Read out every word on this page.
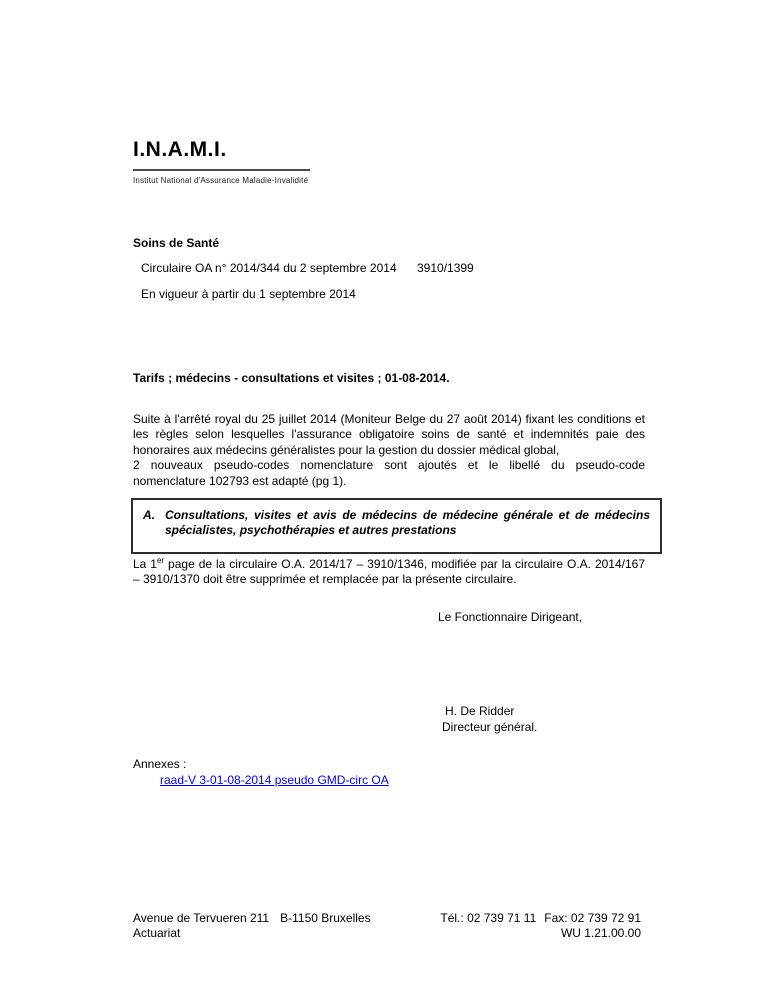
I.N.A.M.I.
Institut National d'Assurance Maladie-Invalidité
Soins de Santé
Circulaire OA n° 2014/344 du 2 septembre 2014 3910/1399
En vigueur à partir du 1 septembre 2014
Tarifs ; médecins - consultations et visites ; 01-08-2014.
Suite à l'arrêté royal du 25 juillet 2014 (Moniteur Belge du 27 août 2014) fixant les conditions et
les règles selon lesquelles l'assurance obligatoire soins de santé et indemnités paie des
honoraires aux médecins généralistes pour la gestion du dossier médical global,
2 nouveaux pseudo-codes nomenclature sont ajoutés et le libellé du pseudo-code
nomenclature 102793 est adapté (pg 1).
A. Consultations, visites et avis de médecins de médecine générale et de médecins
spécialistes, psychothérapies et autres prestations
La 1er page de la circulaire O.A. 2014/17 – 3910/1346, modifiée par la circulaire O.A. 2014/167
– 3910/1370 doit être supprimée et remplacée par la présente circulaire.
Le Fonctionnaire Dirigeant,
H. De Ridder
Directeur général.
Annexes :
raad-V 3-01-08-2014 pseudo GMD-circ OA
Avenue de Tervueren 211 B-1150 Bruxelles
Actuariat
Tél.: 02 739 71 11 Fax: 02 739 72 91
WU 1.21.00.00
